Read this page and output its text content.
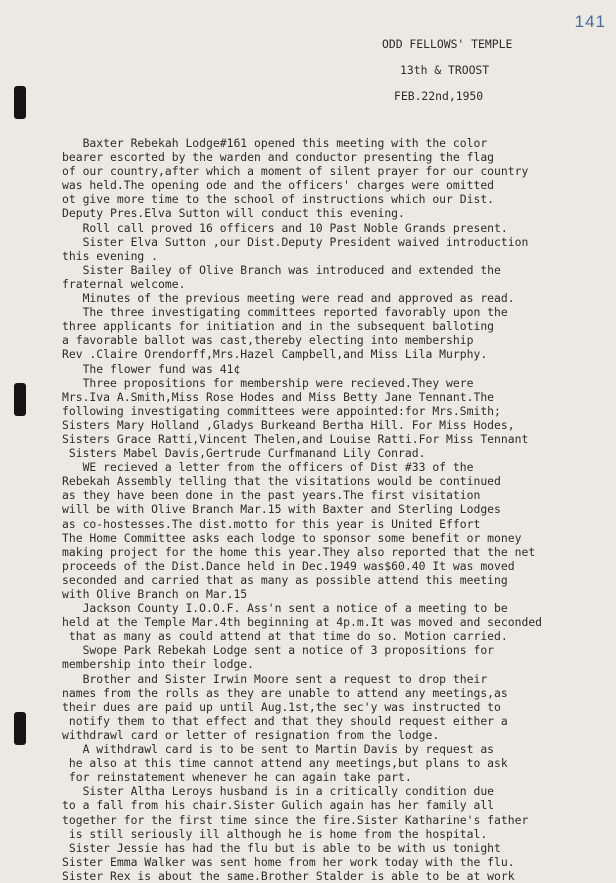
141
ODD FELLOWS' TEMPLE
13th & TROOST
FEB.22nd,1950
Baxter Rebekah Lodge#161 opened this meeting with the color
bearer escorted by the warden and conductor presenting the flag
of our country,after which a moment of silent prayer for our country
was held.The opening ode and the officers' charges were omitted
ot give more time to the school of instructions which our Dist.
Deputy Pres.Elva Sutton will conduct this evening.
Roll call proved 16 officers and 10 Past Noble Grands present.
Sister Elva Sutton ,our Dist.Deputy President waived introduction
this evening .
Sister Bailey of Olive Branch was introduced and extended the
fraternal welcome.
Minutes of the previous meeting were read and approved as read.
The three investigating committees reported favorably upon the
three applicants for initiation and in the subsequent balloting
a favorable ballot was cast,thereby electing into membership
Rev .Claire Orendorff,Mrs.Hazel Campbell,and Miss Lila Murphy.
The flower fund was 41¢
Three propositions for membership were recieved.They were
Mrs.Iva A.Smith,Miss Rose Hodes and Miss Betty Jane Tennant.The
following investigating committees were appointed:for Mrs.Smith;
Sisters Mary Holland ,Gladys Burkeand Bertha Hill. For Miss Hodes,
Sisters Grace Ratti,Vincent Thelen,and Louise Ratti.For Miss Tennant
Sisters Mabel Davis,Gertrude Curfmanand Lily Conrad.
WE recieved a letter from the officers of Dist #33 of the
Rebekah Assembly telling that the visitations would be continued
as they have been done in the past years.The first visitation
will be with Olive Branch Mar.15 with Baxter and Sterling Lodges
as co-hostesses.The dist.motto for this year is United Effort
The Home Committee asks each lodge to sponsor some benefit or money
making project for the home this year.They also reported that the net
proceeds of the Dist.Dance held in Dec.1949 was$60.40 It was moved
seconded and carried that as many as possible attend this meeting
with Olive Branch on Mar.15
Jackson County I.O.O.F. Ass'n sent a notice of a meeting to be
held at the Temple Mar.4th beginning at 4p.m.It was moved and seconded
that as many as could attend at that time do so. Motion carried.
Swope Park Rebekah Lodge sent a notice of 3 propositions for
membership into their lodge.
Brother and Sister Irwin Moore sent a request to drop their
names from the rolls as they are unable to attend any meetings,as
their dues are paid up until Aug.1st,the sec'y was instructed to
notify them to that effect and that they should request either a
withdrawl card or letter of resignation from the lodge.
A withdrawl card is to be sent to Martin Davis by request as
he also at this time cannot attend any meetings,but plans to ask
for reinstatement whenever he can again take part.
Sister Altha Leroys husband is in a critically condition due
to a fall from his chair.Sister Gulich again has her family all
together for the first time since the fire.Sister Katharine's father
is still seriously ill although he is home from the hospital.
Sister Jessie has had the flu but is able to be with us tonight
Sister Emma Walker was sent home from her work today with the flu.
Sister Rex is about the same.Brother Stalder is able to be at work
